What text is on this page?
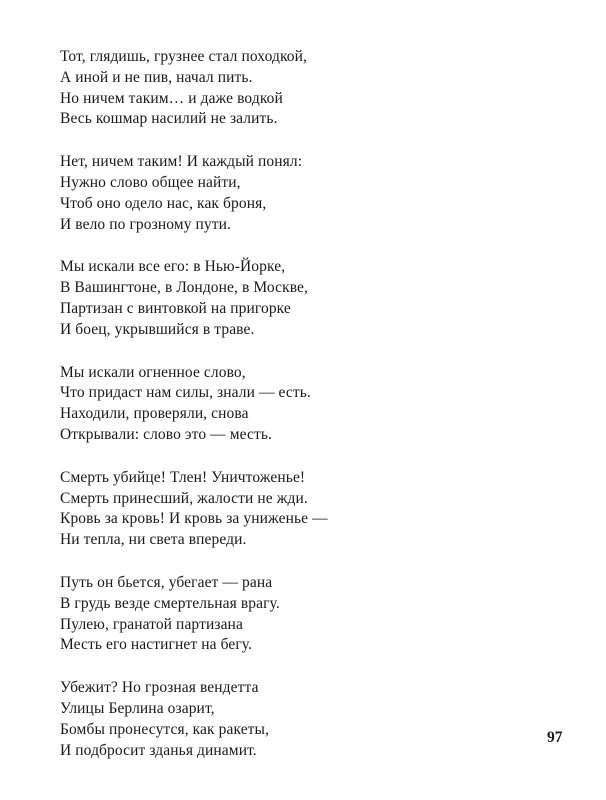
Тот, глядишь, грузнее стал походкой,
А иной и не пив, начал пить.
Но ничем таким… и даже водкой
Весь кошмар насилий не залить.
Нет, ничем таким! И каждый понял:
Нужно слово общее найти,
Чтоб оно одело нас, как броня,
И вело по грозному пути.
Мы искали все его: в Нью-Йорке,
В Вашингтоне, в Лондоне, в Москве,
Партизан с винтовкой на пригорке
И боец, укрывшийся в траве.
Мы искали огненное слово,
Что придаст нам силы, знали — есть.
Находили, проверяли, снова
Открывали: слово это — месть.
Смерть убийце! Тлен! Уничтоженье!
Смерть принесший, жалости не жди.
Кровь за кровь! И кровь за униженье —
Ни тепла, ни света впереди.
Путь он бьется, убегает — рана
В грудь везде смертельная врагу.
Пулею, гранатой партизана
Месть его настигнет на бегу.
Убежит? Но грозная вендетта
Улицы Берлина озарит,
Бомбы пронесутся, как ракеты,
И подбросит зданья динамит.
97
